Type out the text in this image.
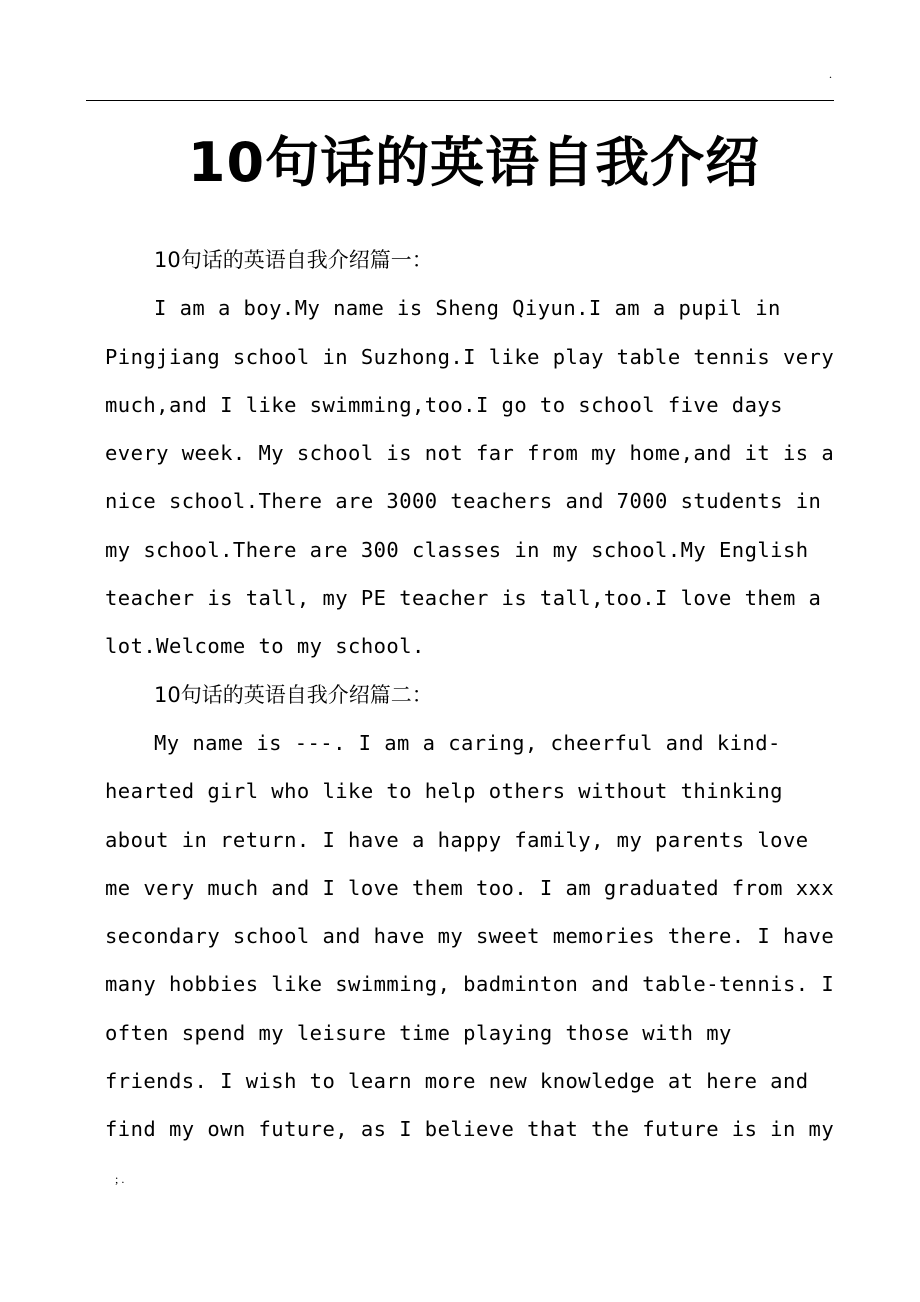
.
10句话的英语自我介绍
10句话的英语自我介绍篇一：
I am a boy.My name is Sheng Qiyun.I am a pupil in
Pingjiang school in Suzhong.I like play table tennis very
much,and I like swimming,too.I go to school five days
every week. My school is not far from my home,and it is a
nice school.There are 3000 teachers and 7000 students in
my school.There are 300 classes in my school.My English
teacher is tall, my PE teacher is tall,too.I love them a
lot.Welcome to my school.
10句话的英语自我介绍篇二：
My name is ---. I am a caring, cheerful and kind-
hearted girl who like to help others without thinking
about in return. I have a happy family, my parents love
me very much and I love them too. I am graduated from xxx
secondary school and have my sweet memories there. I have
many hobbies like swimming, badminton and table-tennis. I
often spend my leisure time playing those with my
friends. I wish to learn more new knowledge at here and
find my own future, as I believe that the future is in my
; .
